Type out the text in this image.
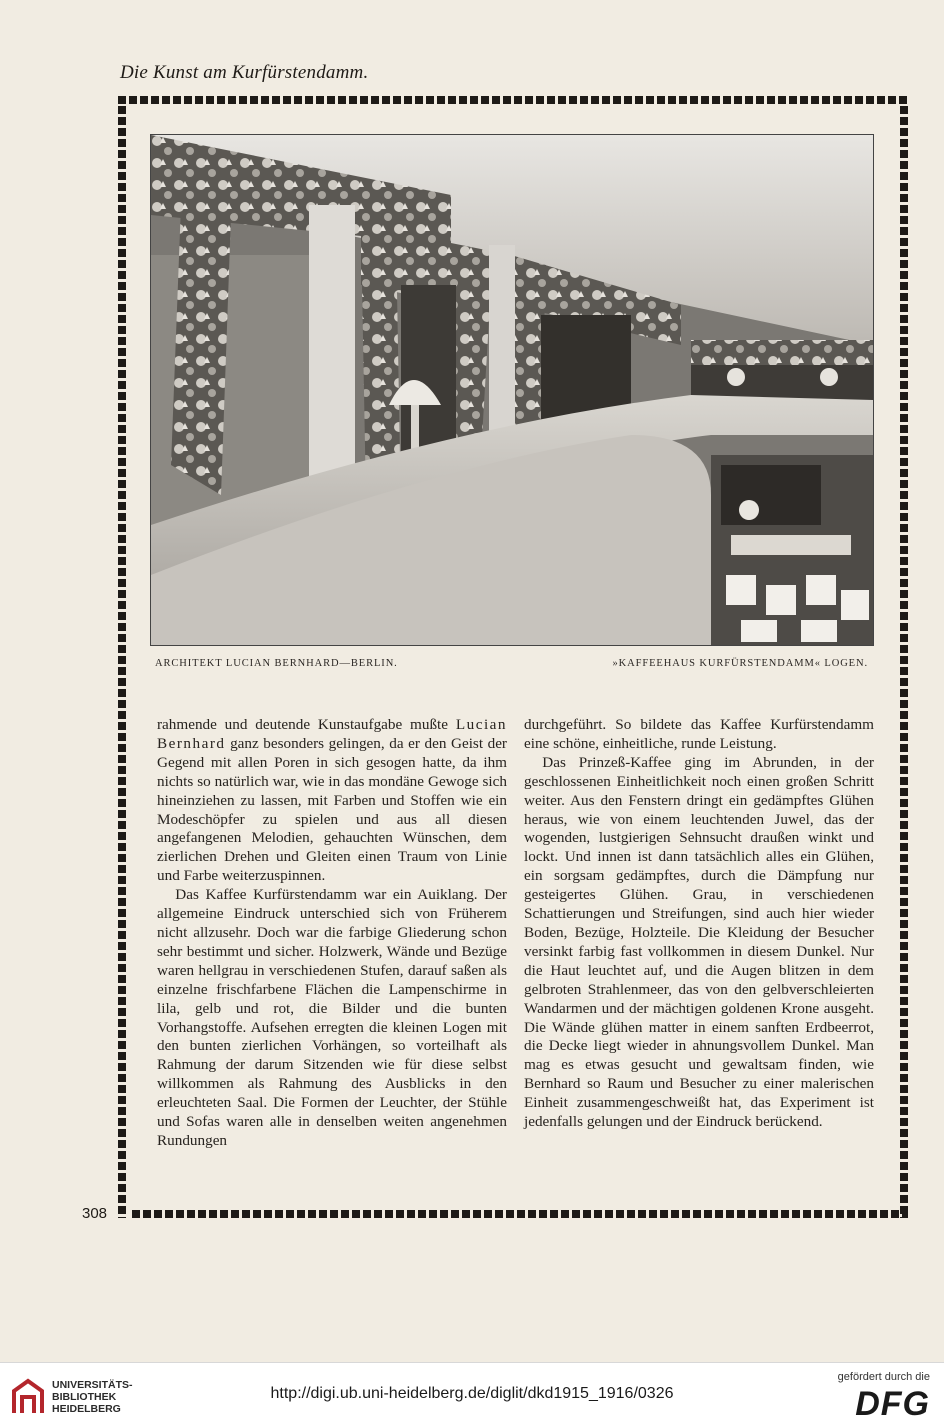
Die Kunst am Kurfürstendamm.
ARCHITEKT LUCIAN BERNHARD—BERLIN.	»KAFFEEHAUS KURFÜRSTENDAMM« LOGEN.

rahmende und deutende Kunstaufgabe mußte Lucian Bernhard ganz besonders gelingen, da er den Geist der Gegend mit allen Poren in sich gesogen hatte, da ihm nichts so natürlich war, wie in das mondäne Gewoge sich hineinziehen zu lassen, mit Farben und Stoffen wie ein Modeschöpfer zu spielen und aus all diesen angefangenen Melodien, gehauchten Wünschen, dem zierlichen Drehen und Gleiten einen Traum von Linie und Farbe weiterzuspinnen.

Das Kaffee Kurfürstendamm war ein Auiklang. Der allgemeine Eindruck unterschied sich von Früherem nicht allzusehr. Doch war die farbige Gliederung schon sehr bestimmt und sicher. Holzwerk, Wände und Bezüge waren hellgrau in verschiedenen Stufen, darauf saßen als einzelne frischfarbene Flächen die Lampenschirme in lila, gelb und rot, die Bilder und die bunten Vorhangstoffe. Aufsehen erregten die kleinen Logen mit den bunten zierlichen Vorhängen, so vorteilhaft als Rahmung der darum Sitzenden wie für diese selbst willkommen als Rahmung des Ausblicks in den erleuchteten Saal. Die Formen der Leuchter, der Stühle und Sofas waren alle in denselben weiten angenehmen Rundungen

durchgeführt. So bildete das Kaffee Kurfürstendamm eine schöne, einheitliche, runde Leistung.

Das Prinzeß-Kaffee ging im Abrunden, in der geschlossenen Einheitlichkeit noch einen großen Schritt weiter. Aus den Fenstern dringt ein gedämpftes Glühen heraus, wie von einem leuchtenden Juwel, das der wogenden, lustgierigen Sehnsucht draußen winkt und lockt. Und innen ist dann tatsächlich alles ein Glühen, ein sorgsam gedämpftes, durch die Dämpfung nur gesteigertes Glühen. Grau, in verschiedenen Schattierungen und Streifungen, sind auch hier wieder Boden, Bezüge, Holzteile. Die Kleidung der Besucher versinkt farbig fast vollkommen in diesem Dunkel. Nur die Haut leuchtet auf, und die Augen blitzen in dem gelbroten Strahlenmeer, das von den gelbverschleierten Wandarmen und der mächtigen goldenen Krone ausgeht. Die Wände glühen matter in einem sanften Erdbeerrot, die Decke liegt wieder in ahnungsvollem Dunkel. Man mag es etwas gesucht und gewaltsam finden, wie Bernhard so Raum und Besucher zu einer malerischen Einheit zusammengeschweißt hat, das Experiment ist jedenfalls gelungen und der Eindruck berückend.

308
UNIVERSITÄTS-
BIBLIOTHEK
HEIDELBERG
http://digi.ub.uni-heidelberg.de/diglit/dkd1915_1916/0326
gefördert durch die
DFG
